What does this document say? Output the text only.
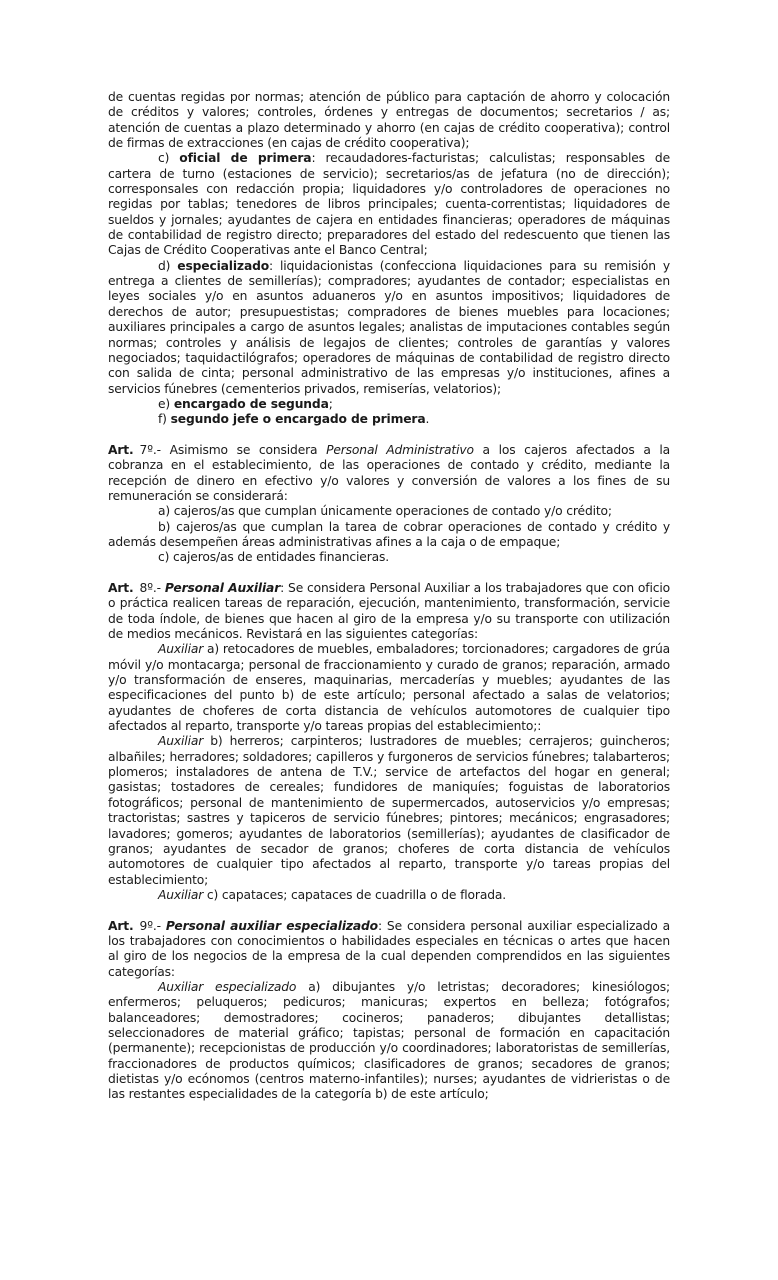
de cuentas regidas por normas; atención de público para captación de ahorro y colocación de créditos y valores; controles, órdenes y entregas de documentos; secretarios / as; atención de cuentas a plazo determinado y ahorro (en cajas de crédito cooperativa); control de firmas de extracciones (en cajas de crédito cooperativa);

c) oficial de primera: recaudadores-facturistas; calculistas; responsables de cartera de turno (estaciones de servicio); secretarios/as de jefatura (no de dirección); corresponsales con redacción propia; liquidadores y/o controladores de operaciones no regidas por tablas; tenedores de libros principales; cuenta-correntistas; liquidadores de sueldos y jornales; ayudantes de cajera en entidades financieras; operadores de máquinas de contabilidad de registro directo; preparadores del estado del redescuento que tienen las Cajas de Crédito Cooperativas ante el Banco Central;

d) especializado: liquidacionistas (confecciona liquidaciones para su remisión y entrega a clientes de semillerías); compradores; ayudantes de contador; especialistas en leyes sociales y/o en asuntos aduaneros y/o en asuntos impositivos; liquidadores de derechos de autor; presupuestistas; compradores de bienes muebles para locaciones; auxiliares principales a cargo de asuntos legales; analistas de imputaciones contables según normas; controles y análisis de legajos de clientes; controles de garantías y valores negociados; taquidactilógrafos; operadores de máquinas de contabilidad de registro directo con salida de cinta; personal administrativo de las empresas y/o instituciones, afines a servicios fúnebres (cementerios privados, remiserías, velatorios);

e) encargado de segunda;

f) segundo jefe o encargado de primera.

Art. 7º.- Asimismo se considera Personal Administrativo a los cajeros afectados a la cobranza en el establecimiento, de las operaciones de contado y crédito, mediante la recepción de dinero en efectivo y/o valores y conversión de valores a los fines de su remuneración se considerará:

a) cajeros/as que cumplan únicamente operaciones de contado y/o crédito;

b) cajeros/as que cumplan la tarea de cobrar operaciones de contado y crédito y además desempeñen áreas administrativas afines a la caja o de empaque;

c) cajeros/as de entidades financieras.

Art. 8º.- Personal Auxiliar: Se considera Personal Auxiliar a los trabajadores que con oficio o práctica realicen tareas de reparación, ejecución, mantenimiento, transformación, servicie de toda índole, de bienes que hacen al giro de la empresa y/o su transporte con utilización de medios mecánicos. Revistará en las siguientes categorías:

Auxiliar a) retocadores de muebles, embaladores; torcionadores; cargadores de grúa móvil y/o montacarga; personal de fraccionamiento y curado de granos; reparación, armado y/o transformación de enseres, maquinarias, mercaderías y muebles; ayudantes de las especificaciones del punto b) de este artículo; personal afectado a salas de velatorios; ayudantes de choferes de corta distancia de vehículos automotores de cualquier tipo afectados al reparto, transporte y/o tareas propias del establecimiento;:

Auxiliar b) herreros; carpinteros; lustradores de muebles; cerrajeros; guincheros; albañiles; herradores; soldadores; capilleros y furgoneros de servicios fúnebres; talabarteros; plomeros; instaladores de antena de T.V.; service de artefactos del hogar en general; gasistas; tostadores de cereales; fundidores de maniquíes; foguistas de laboratorios fotográficos; personal de mantenimiento de supermercados, autoservicios y/o empresas; tractoristas; sastres y tapiceros de servicio fúnebres; pintores; mecánicos; engrasadores; lavadores; gomeros; ayudantes de laboratorios (semillerías); ayudantes de clasificador de granos; ayudantes de secador de granos; choferes de corta distancia de vehículos automotores de cualquier tipo afectados al reparto, transporte y/o tareas propias del establecimiento;

Auxiliar c) capataces; capataces de cuadrilla o de florada.

Art. 9º.- Personal auxiliar especializado: Se considera personal auxiliar especializado a los trabajadores con conocimientos o habilidades especiales en técnicas o artes que hacen al giro de los negocios de la empresa de la cual dependen comprendidos en las siguientes categorías:

Auxiliar especializado a) dibujantes y/o letristas; decoradores; kinesiólogos; enfermeros; peluqueros; pedicuros; manicuras; expertos en belleza; fotógrafos; balanceadores; demostradores; cocineros; panaderos; dibujantes detallistas; seleccionadores de material gráfico; tapistas; personal de formación en capacitación (permanente); recepcionistas de producción y/o coordinadores; laboratoristas de semillerías, fraccionadores de productos químicos; clasificadores de granos; secadores de granos; dietistas y/o ecónomos (centros materno-infantiles); nurses; ayudantes de vidrieristas o de las restantes especialidades de la categoría b) de este artículo;
